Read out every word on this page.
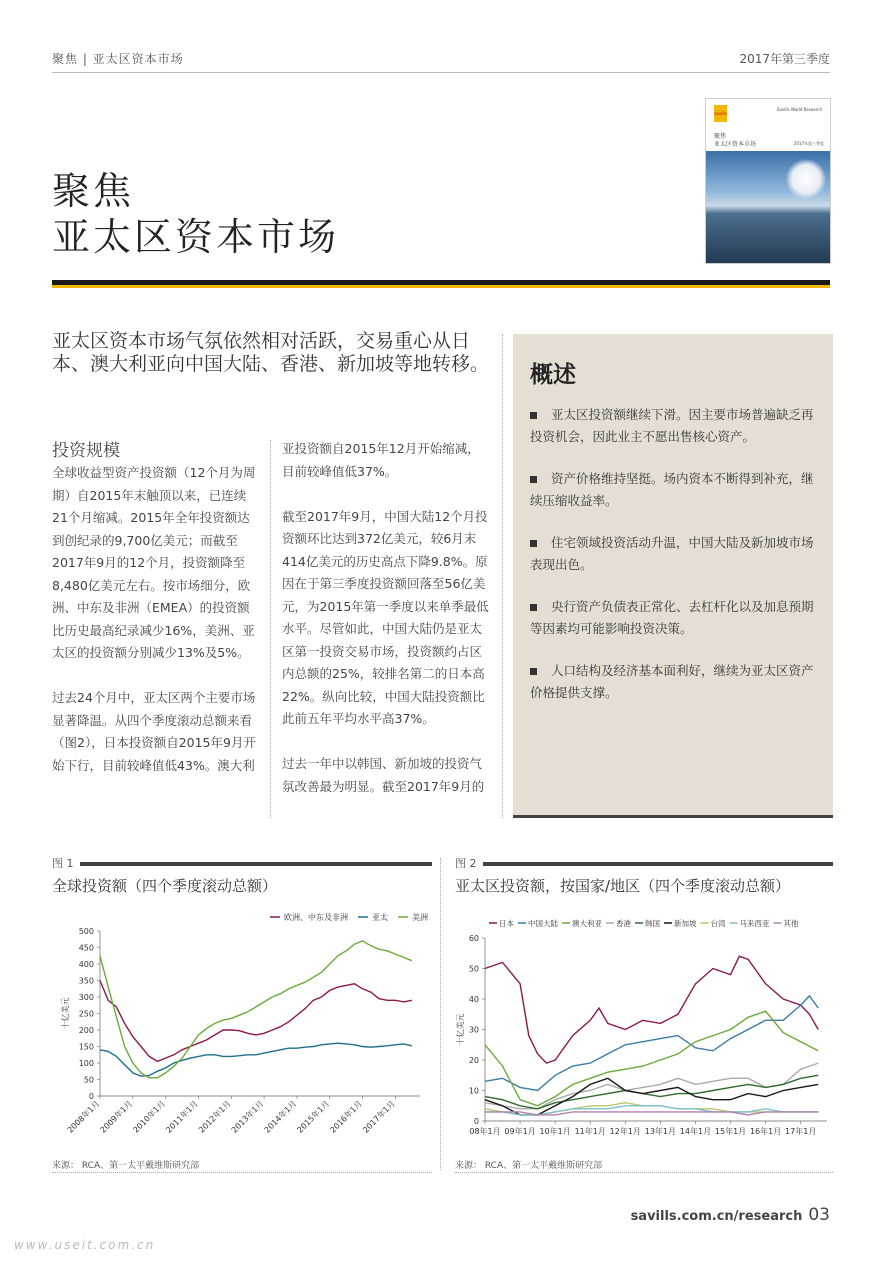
聚焦 | 亚太区资本市场	2017年第三季度
聚焦
亚太区资本市场
savills
Savills World Research
聚焦
亚太区资本市场	2017年第三季度
亚太区资本市场气氛依然相对活跃，交易重心从日本、澳大利亚向中国大陆、香港、新加坡等地转移。
投资规模

全球收益型资产投资额（12个月为周期）自2015年末触顶以来，已连续21个月缩减。2015年全年投资额达到创纪录的9,700亿美元；而截至2017年9月的12个月，投资额降至8,480亿美元左右。按市场细分，欧洲、中东及非洲（EMEA）的投资额比历史最高纪录减少16%，美洲、亚太区的投资额分别减少13%及5%。

过去24个月中，亚太区两个主要市场显著降温。从四个季度滚动总额来看（图2），日本投资额自2015年9月开始下行，目前较峰值低43%。澳大利

亚投资额自2015年12月开始缩减，目前较峰值低37%。

截至2017年9月，中国大陆12个月投资额环比达到372亿美元，较6月末414亿美元的历史高点下降9.8%。原因在于第三季度投资额回落至56亿美元，为2015年第一季度以来单季最低水平。尽管如此，中国大陆仍是亚太区第一投资交易市场，投资额约占区内总额的25%，较排名第二的日本高22%。纵向比较，中国大陆投资额比此前五年平均水平高37%。

过去一年中以韩国、新加坡的投资气氛改善最为明显。截至2017年9月的

概述
亚太区投资额继续下滑。因主要市场普遍缺乏再投资机会，因此业主不愿出售核心资产。
资产价格维持坚挺。场内资本不断得到补充，继续压缩收益率。
住宅领域投资活动升温，中国大陆及新加坡市场表现出色。
央行资产负债表正常化、去杠杆化以及加息预期等因素均可能影响投资决策。
人口结构及经济基本面利好，继续为亚太区资产价格提供支撑。
图 1
全球投资额（四个季度滚动总额）
美洲
亚太
欧洲、中东及非洲
0
50
100
150
200
250
300
350
400
450
500
2008年1月
2009年1月
2010年1月
2011年1月
2012年1月
2013年1月
2014年1月
2015年1月
2016年1月
2017年1月
十亿美元
图 2
亚太区投资额，按国家/地区（四个季度滚动总额）
日本 中国大陆 澳大利亚 香港 韩国 新加坡 台湾 马来西亚 其他
0
10
20
30
40
50
60
08年1月 09年1月 10年1月 11年1月 12年1月 13年1月 14年1月 15年1月 16年1月 17年1月
十亿美元
来源： RCA、第一太平戴维斯研究部	来源： RCA、第一太平戴维斯研究部
savills.com.cn/research 03
www.useit.com.cn
